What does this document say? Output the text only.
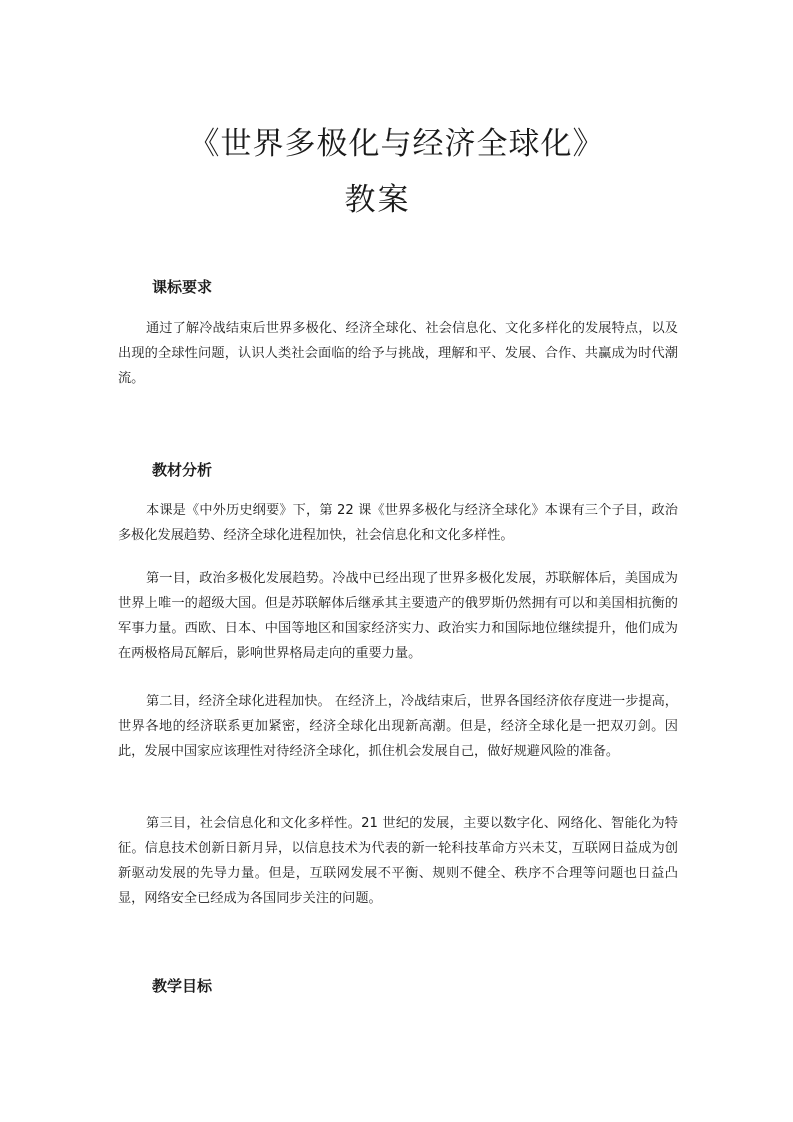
《世界多极化与经济全球化》
教案
课标要求

通过了解冷战结束后世界多极化、经济全球化、社会信息化、文化多样化的发展特点，以及出现的全球性问题，认识人类社会面临的给予与挑战，理解和平、发展、合作、共赢成为时代潮流。

教材分析

本课是《中外历史纲要》下，第 22 课《世界多极化与经济全球化》本课有三个子目，政治多极化发展趋势、经济全球化进程加快，社会信息化和文化多样性。

第一目，政治多极化发展趋势。冷战中已经出现了世界多极化发展，苏联解体后，美国成为世界上唯一的超级大国。但是苏联解体后继承其主要遗产的俄罗斯仍然拥有可以和美国相抗衡的军事力量。西欧、日本、中国等地区和国家经济实力、政治实力和国际地位继续提升，他们成为在两极格局瓦解后，影响世界格局走向的重要力量。

第二目，经济全球化进程加快。 在经济上，冷战结束后，世界各国经济依存度进一步提高，世界各地的经济联系更加紧密，经济全球化出现新高潮。但是，经济全球化是一把双刃剑。因此，发展中国家应该理性对待经济全球化，抓住机会发展自己，做好规避风险的准备。

第三目，社会信息化和文化多样性。21 世纪的发展，主要以数字化、网络化、智能化为特征。信息技术创新日新月异，以信息技术为代表的新一轮科技革命方兴未艾，互联网日益成为创新驱动发展的先导力量。但是，互联网发展不平衡、规则不健全、秩序不合理等问题也日益凸显，网络安全已经成为各国同步关注的问题。

教学目标
